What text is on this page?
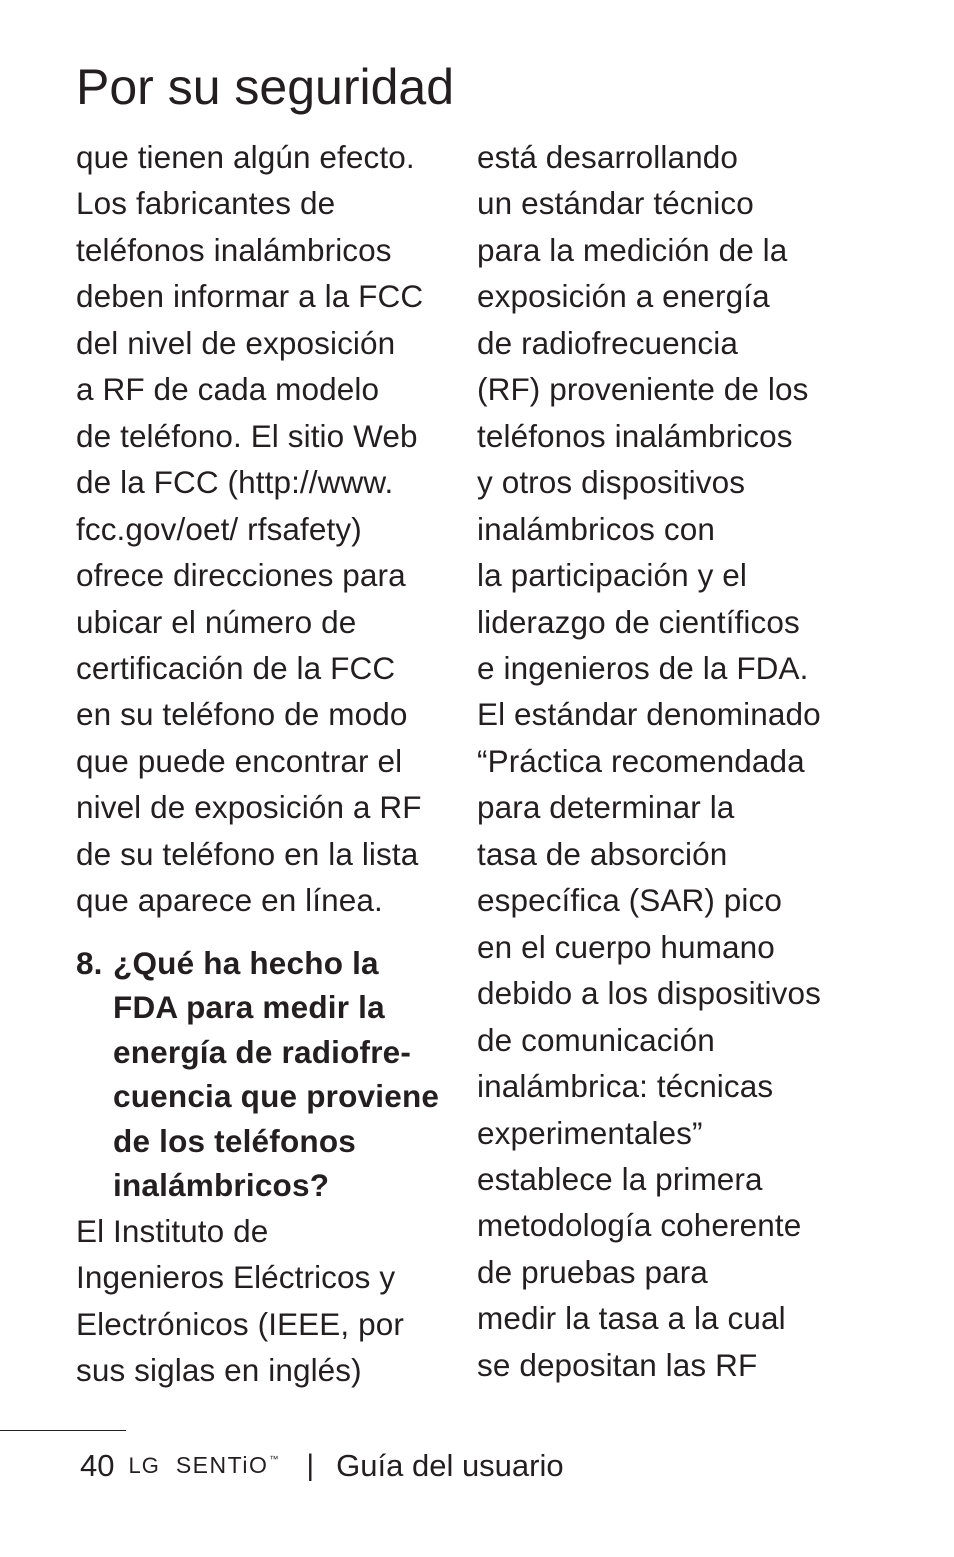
Por su seguridad
que tienen algún efecto.
Los fabricantes de
teléfonos inalámbricos
deben informar a la FCC
del nivel de exposición
a RF de cada modelo
de teléfono. El sitio Web
de la FCC (http://www.
fcc.gov/oet/ rfsafety)
ofrece direcciones para
ubicar el número de
certificación de la FCC
en su teléfono de modo
que puede encontrar el
nivel de exposición a RF
de su teléfono en la lista
que aparece en línea.
8. ¿Qué ha hecho la
FDA para medir la
energía de radiofre-
cuencia que proviene
de los teléfonos
inalámbricos?
El Instituto de
Ingenieros Eléctricos y
Electrónicos (IEEE, por
sus siglas en inglés)
está desarrollando
un estándar técnico
para la medición de la
exposición a energía
de radiofrecuencia
(RF) proveniente de los
teléfonos inalámbricos
y otros dispositivos
inalámbricos con
la participación y el
liderazgo de científicos
e ingenieros de la FDA.
El estándar denominado
“Práctica recomendada
para determinar la
tasa de absorción
específica (SAR) pico
en el cuerpo humano
debido a los dispositivos
de comunicación
inalámbrica: técnicas
experimentales”
establece la primera
metodología coherente
de pruebas para
medir la tasa a la cual
se depositan las RF
40 LG SENTiO ™ | Guía del usuario
